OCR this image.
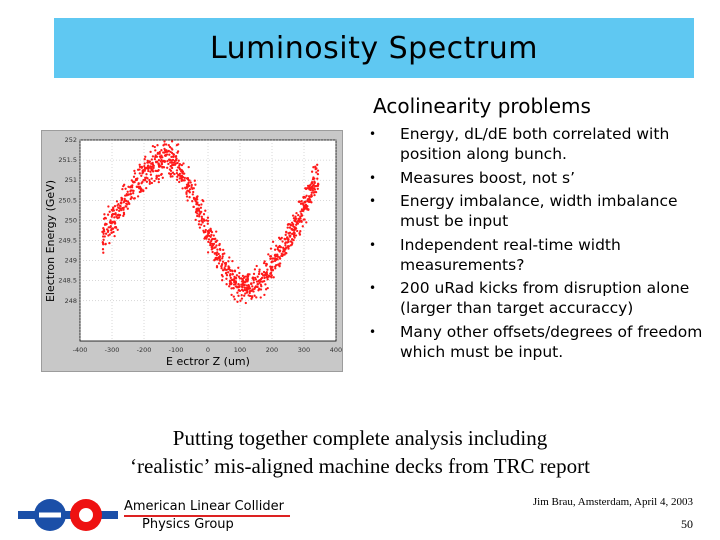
Luminosity Spectrum
Acolinearity problems
• Energy, dL/dE both correlated with position along bunch.
• Measures boost, not s’
• Energy imbalance, width imbalance must be input
• Independent real-time width measurements?
• 200 uRad kicks from disruption alone (larger than target accuraccy)
• Many other offsets/degrees of freedom which must be input.
-400	-300	-200	-100	0	100	200	300	400
252
251.5
251
250.5
250
249.5
249
248.5
248
E ectror Z (um)
Electron Energy (GeV)
Putting together complete analysis including
‘realistic’ mis-aligned machine decks from TRC report
American Linear Collider
Physics Group
Jim Brau, Amsterdam, April 4, 2003
50
